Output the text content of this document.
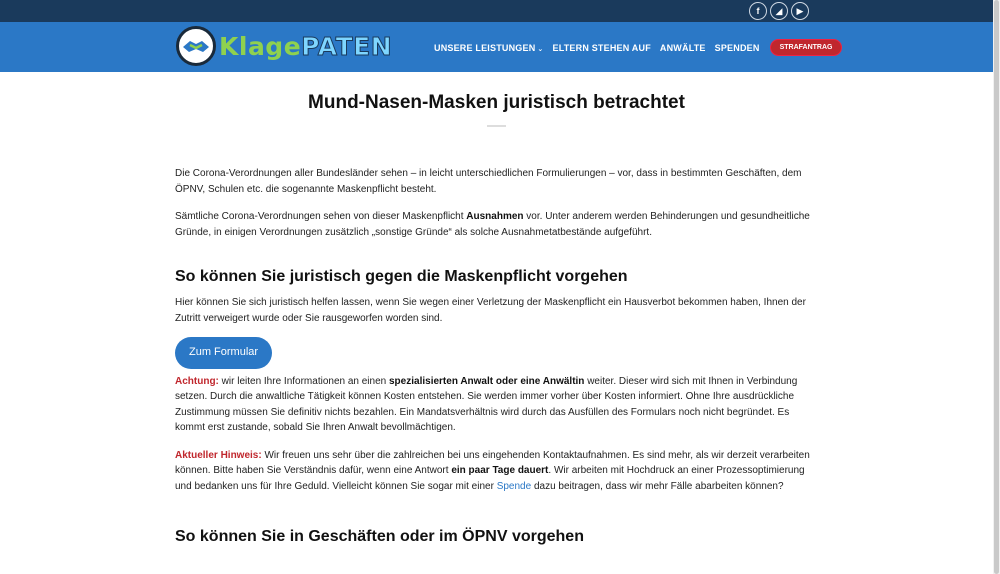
f	◢	▶
KlagePATEN	UNSERE LEISTUNGEN ⌄ ELTERN STEHEN AUF ANWÄLTE SPENDEN	STRAFANTRAG
Mund-Nasen-Masken juristisch betrachtet

Die Corona-Verordnungen aller Bundesländer sehen – in leicht unterschiedlichen Formulierungen – vor, dass in bestimmten Geschäften, dem ÖPNV, Schulen etc. die sogenannte Maskenpflicht besteht.

Sämtliche Corona-Verordnungen sehen von dieser Maskenpflicht Ausnahmen vor. Unter anderem werden Behinderungen und gesundheitliche Gründe, in einigen Verordnungen zusätzlich „sonstige Gründe“ als solche Ausnahmetatbestände aufgeführt.

So können Sie juristisch gegen die Maskenpflicht vorgehen

Hier können Sie sich juristisch helfen lassen, wenn Sie wegen einer Verletzung der Maskenpflicht ein Hausverbot bekommen haben, Ihnen der Zutritt verweigert wurde oder Sie rausgeworfen worden sind.

Zum Formular

Achtung: wir leiten Ihre Informationen an einen spezialisierten Anwalt oder eine Anwältin weiter. Dieser wird sich mit Ihnen in Verbindung setzen. Durch die anwaltliche Tätigkeit können Kosten entstehen. Sie werden immer vorher über Kosten informiert. Ohne Ihre ausdrückliche Zustimmung müssen Sie definitiv nichts bezahlen. Ein Mandatsverhältnis wird durch das Ausfüllen des Formulars noch nicht begründet. Es kommt erst zustande, sobald Sie Ihren Anwalt bevollmächtigen.

Aktueller Hinweis: Wir freuen uns sehr über die zahlreichen bei uns eingehenden Kontaktaufnahmen. Es sind mehr, als wir derzeit verarbeiten können. Bitte haben Sie Verständnis dafür, wenn eine Antwort ein paar Tage dauert. Wir arbeiten mit Hochdruck an einer Prozessoptimierung und bedanken uns für Ihre Geduld. Vielleicht können Sie sogar mit einer Spende dazu beitragen, dass wir mehr Fälle abarbeiten können?

So können Sie in Geschäften oder im ÖPNV vorgehen
